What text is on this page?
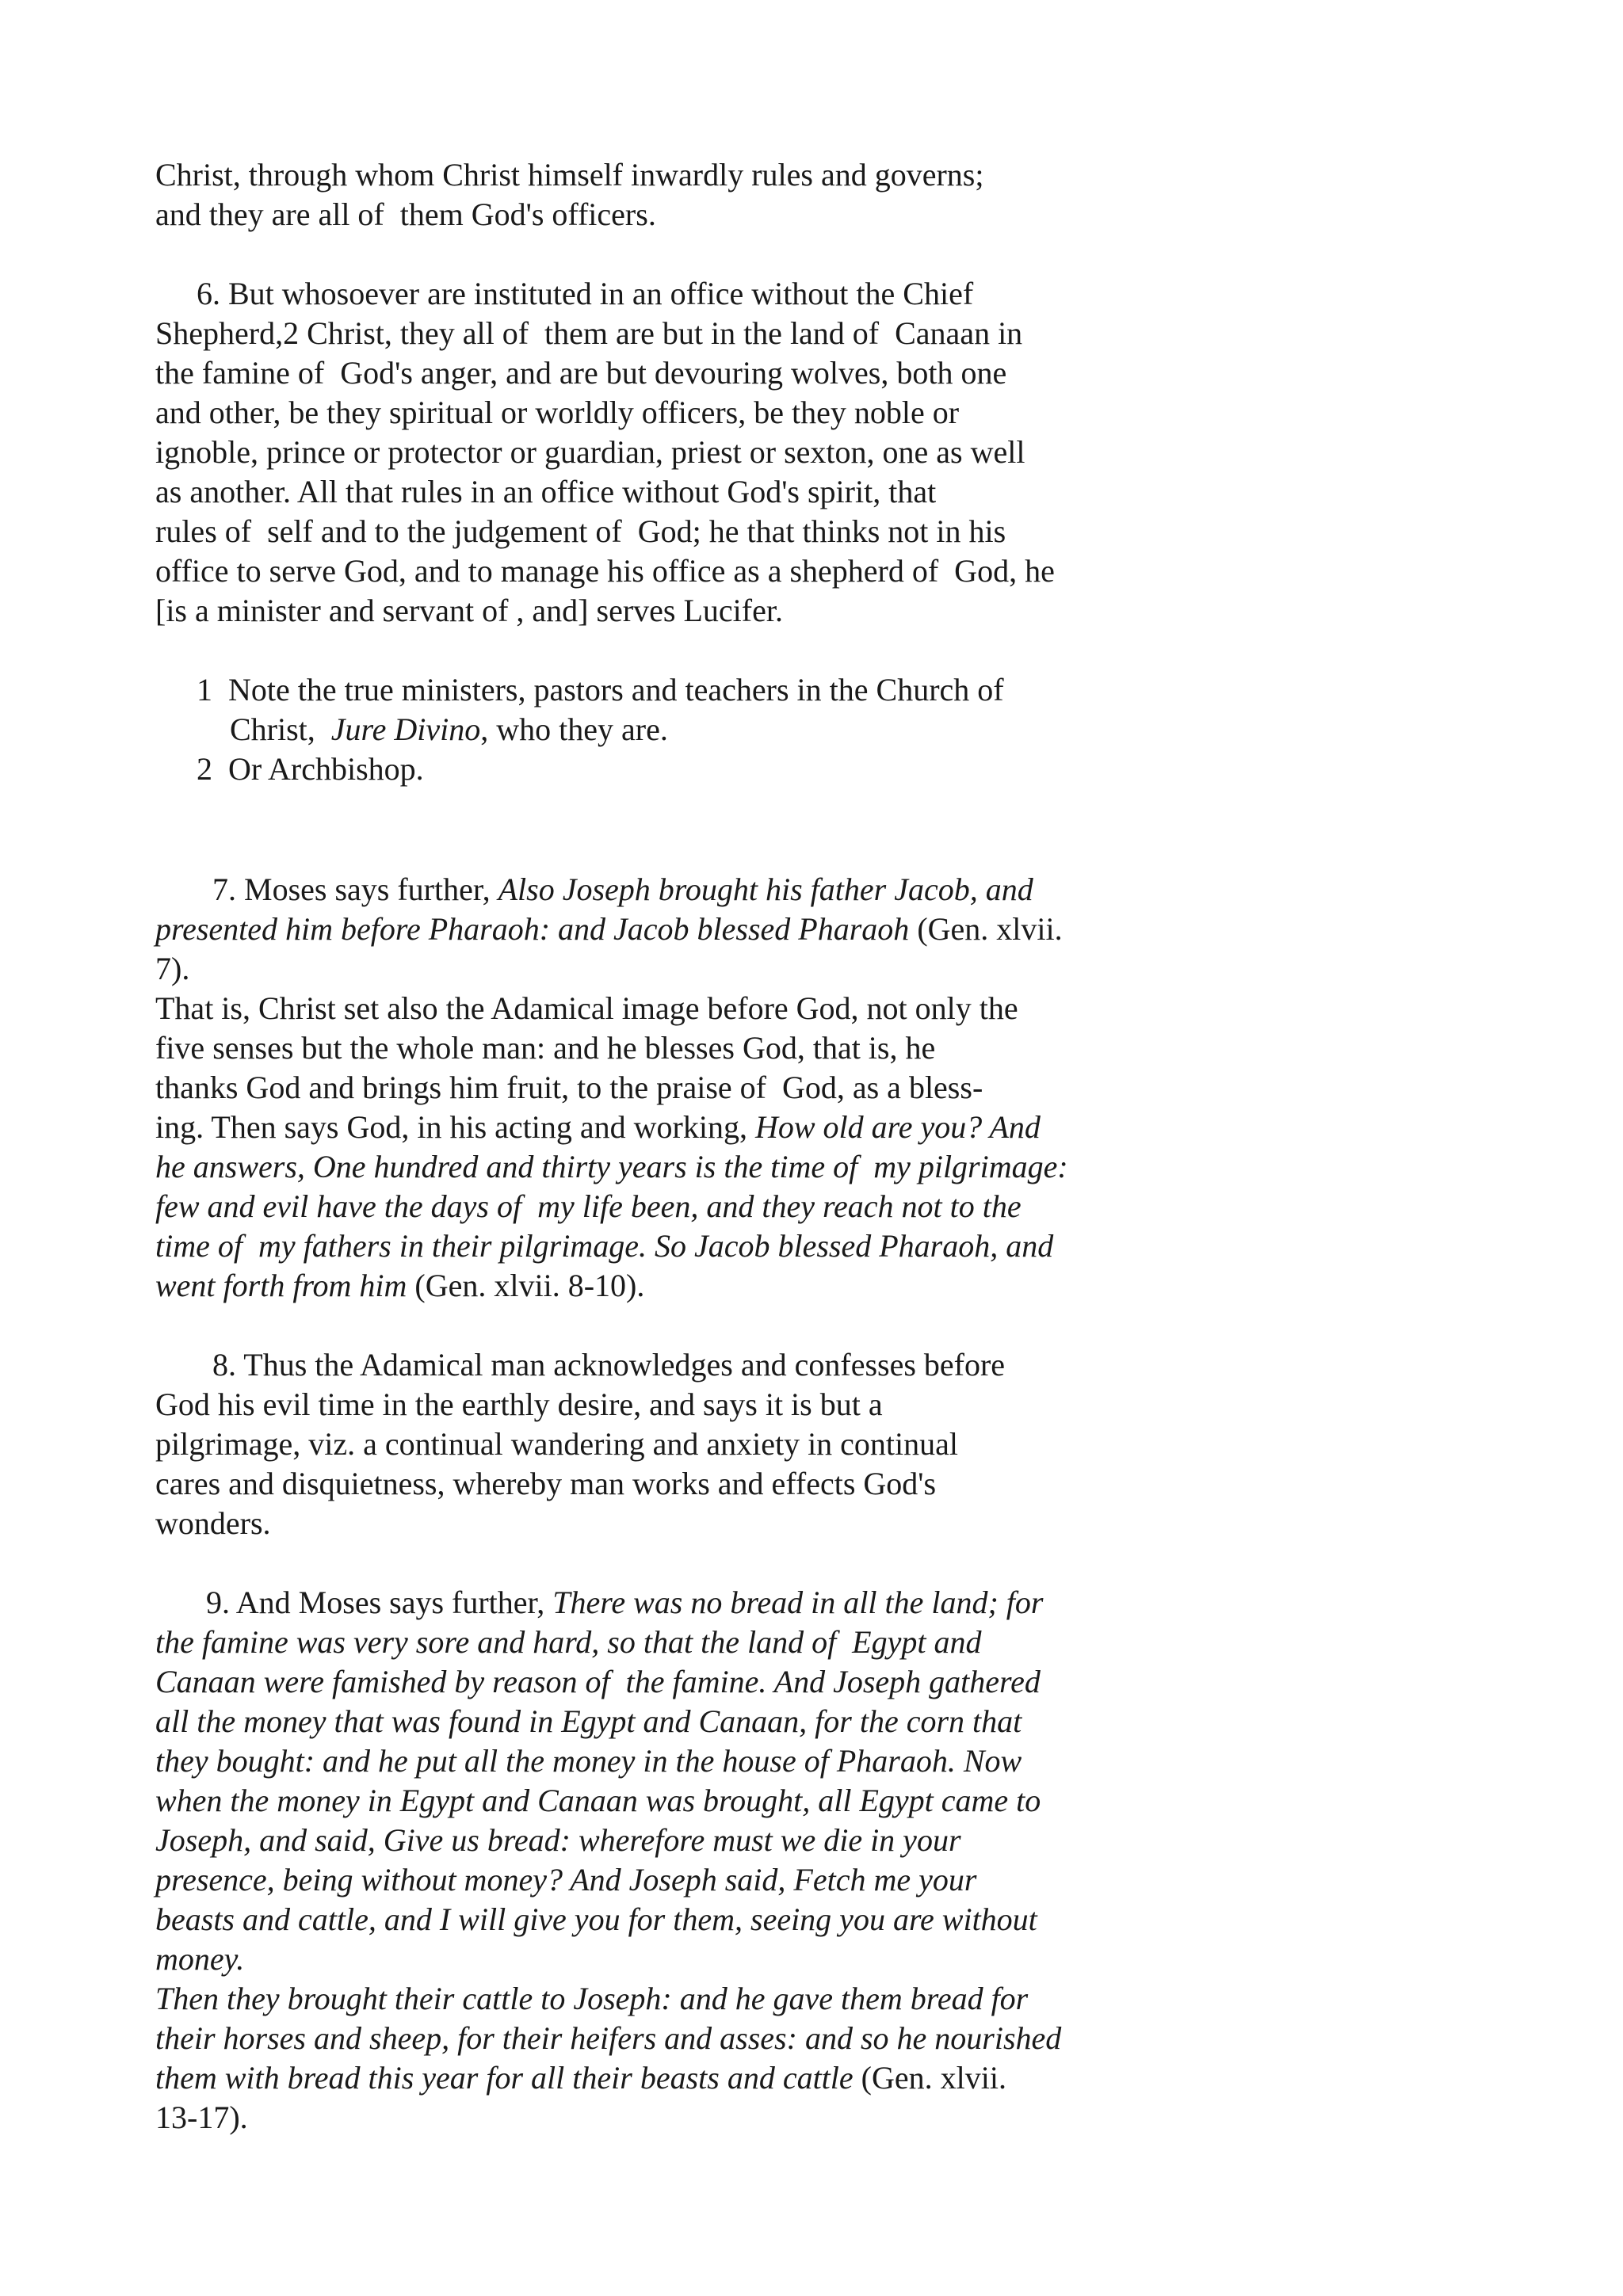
Christ, through whom Christ himself inwardly rules and governs;
and they are all of  them God's officers.
6. But whosoever are instituted in an office without the Chief
Shepherd,2 Christ, they all of  them are but in the land of  Canaan in
the famine of  God's anger, and are but devouring wolves, both one
and other, be they spiritual or worldly officers, be they noble or
ignoble, prince or protector or guardian, priest or sexton, one as well
as another. All that rules in an office without God's spirit, that
rules of  self and to the judgement of  God; he that thinks not in his
office to serve God, and to manage his office as a shepherd of  God, he
[is a minister and servant of , and] serves Lucifer.
1  Note the true ministers, pastors and teachers in the Church of
Christ,  Jure Divino, who they are.
2  Or Archbishop.
7. Moses says further, Also Joseph brought his father Jacob, and
presented him before Pharaoh: and Jacob blessed Pharaoh (Gen. xlvii.
7).
That is, Christ set also the Adamical image before God, not only the
five senses but the whole man: and he blesses God, that is, he
thanks God and brings him fruit, to the praise of  God, as a bless-
ing. Then says God, in his acting and working, How old are you? And
he answers, One hundred and thirty years is the time of  my pilgrimage:
few and evil have the days of  my life been, and they reach not to the
time of  my fathers in their pilgrimage. So Jacob blessed Pharaoh, and
went forth from him (Gen. xlvii. 8-10).
8. Thus the Adamical man acknowledges and confesses before
God his evil time in the earthly desire, and says it is but a
pilgrimage, viz. a continual wandering and anxiety in continual
cares and disquietness, whereby man works and effects God's
wonders.
9. And Moses says further, There was no bread in all the land; for
the famine was very sore and hard, so that the land of  Egypt and
Canaan were famished by reason of  the famine. And Joseph gathered
all the money that was found in Egypt and Canaan, for the corn that
they bought: and he put all the money in the house of Pharaoh. Now
when the money in Egypt and Canaan was brought, all Egypt came to
Joseph, and said, Give us bread: wherefore must we die in your
presence, being without money? And Joseph said, Fetch me your
beasts and cattle, and I will give you for them, seeing you are without
money.
Then they brought their cattle to Joseph: and he gave them bread for
their horses and sheep, for their heifers and asses: and so he nourished
them with bread this year for all their beasts and cattle (Gen. xlvii.
13-17).
